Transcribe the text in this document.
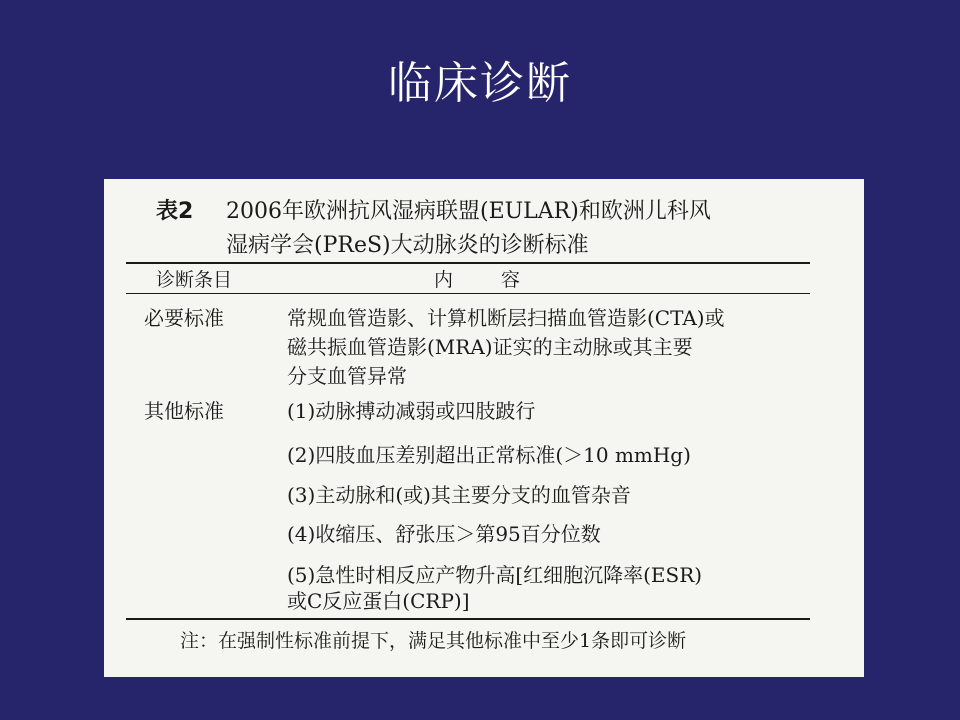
临床诊断
表2 2006年欧洲抗风湿病联盟(EULAR)和欧洲儿科风
湿病学会(PReS)大动脉炎的诊断标准
诊断条目	内容
必要标准	常规血管造影、计算机断层扫描血管造影(CTA)或
磁共振血管造影(MRA)证实的主动脉或其主要
分支血管异常
其他标准	(1)动脉搏动减弱或四肢跛行
(2)四肢血压差别超出正常标准(＞10 mmHg)
(3)主动脉和(或)其主要分支的血管杂音
(4)收缩压、舒张压＞第95百分位数
(5)急性时相反应产物升高[红细胞沉降率(ESR)
或C反应蛋白(CRP)]
注：在强制性标准前提下，满足其他标准中至少1条即可诊断
